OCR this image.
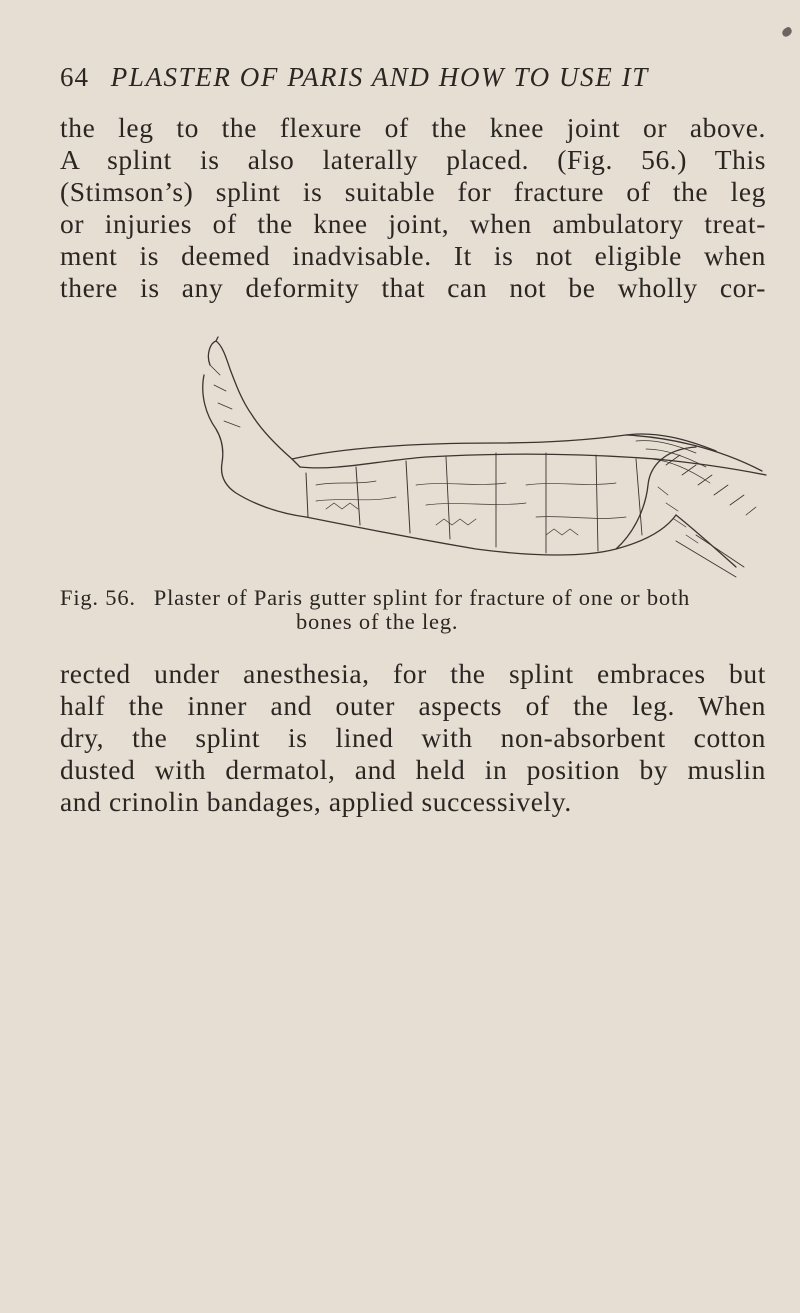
64 PLASTER OF PARIS AND HOW TO USE IT
the leg to the flexure of the knee joint or above.
A splint is also laterally placed. (Fig. 56.) This
(Stimson’s) splint is suitable for fracture of the leg
or injuries of the knee joint, when ambulatory treat-
ment is deemed inadvisable. It is not eligible when
there is any deformity that can not be wholly cor-
Fig. 56. Plaster of Paris gutter splint for fracture of one or both
bones of the leg.
rected under anesthesia, for the splint embraces but
half the inner and outer aspects of the leg. When
dry, the splint is lined with non-absorbent cotton
dusted with dermatol, and held in position by muslin
and crinolin bandages, applied successively.
